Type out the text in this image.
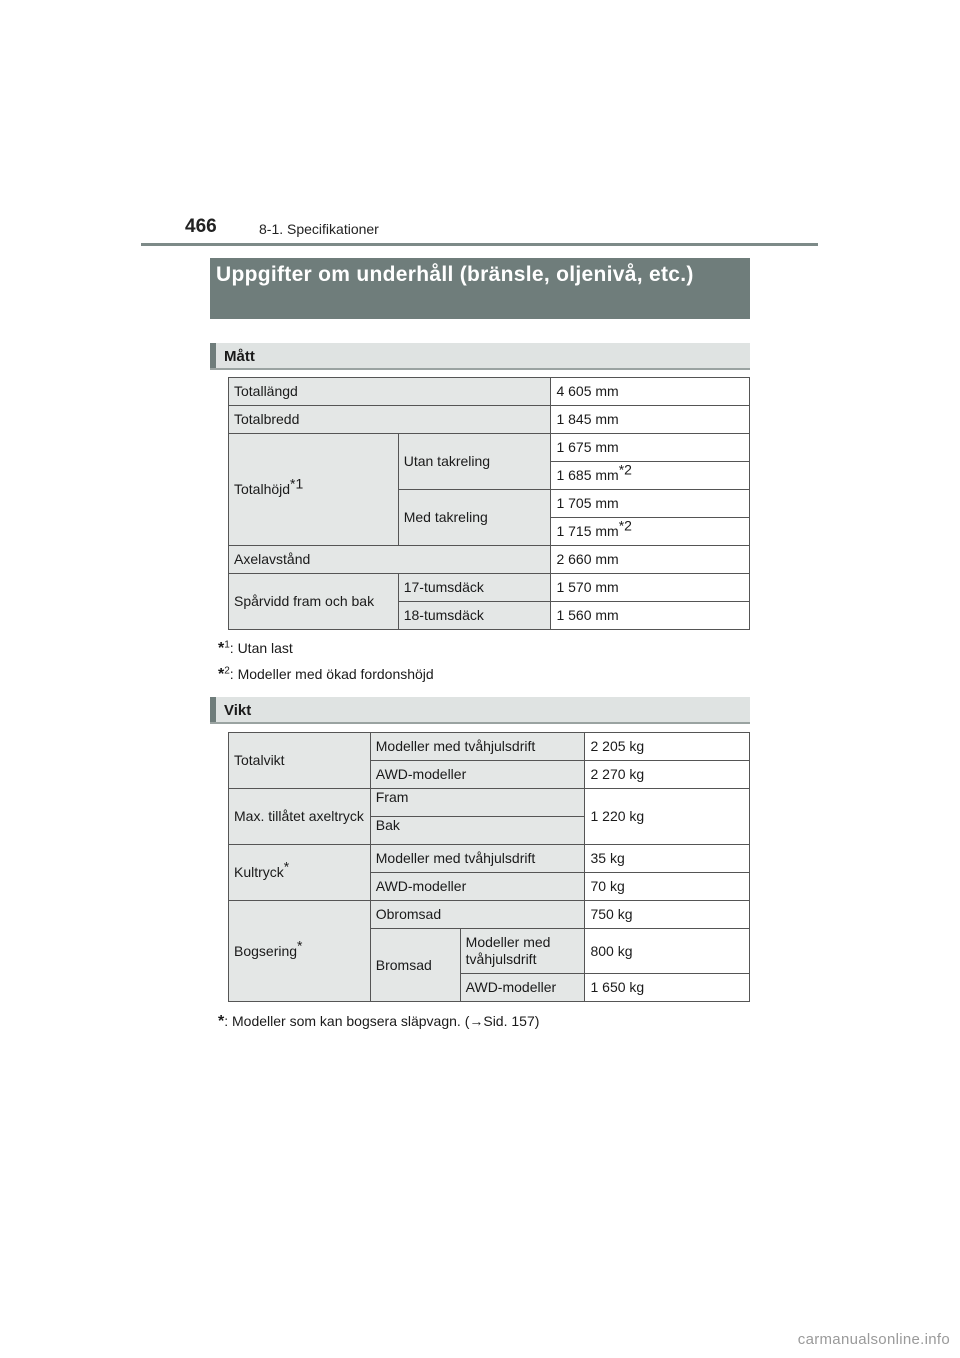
466	8-1. Specifikationer
Uppgifter om underhåll (bränsle, oljenivå, etc.)
Mått
Totallängd		4 605 mm
Totalbredd		1 845 mm
Totalhöjd$^{*1}$	Utan takreling	1 675 mm
		1 685 $mm^{*2}$
	Med takreling	1 705 mm
		1 715 $mm^{*2}$
Axelavstånd		2 660 mm
Spårvidd fram och bak	17-tumsdäck	1 570 mm
	18-tumsdäck	1 560 mm
*$^1$: Utan last
*$^2$: Modeller med ökad fordonshöjd
Vikt
Totalvikt	Modeller med tvåhjulsdrift		2 205 kg
	AWD-modeller		2 270 kg
Max. tillåtet axeltryck	Fram		1 220 kg
	Bak		
Kultryck*	Modeller med tvåhjulsdrift		35 kg
	AWD-modeller		70 kg
Bogsering*	Obromsad		750 kg
	Bromsad	Modeller med tvåhjulsdrift	800 kg
		AWD-modeller	1 650 kg
*: Modeller som kan bogsera släpvagn. (→Sid. 157)
carmanualsonline.info
